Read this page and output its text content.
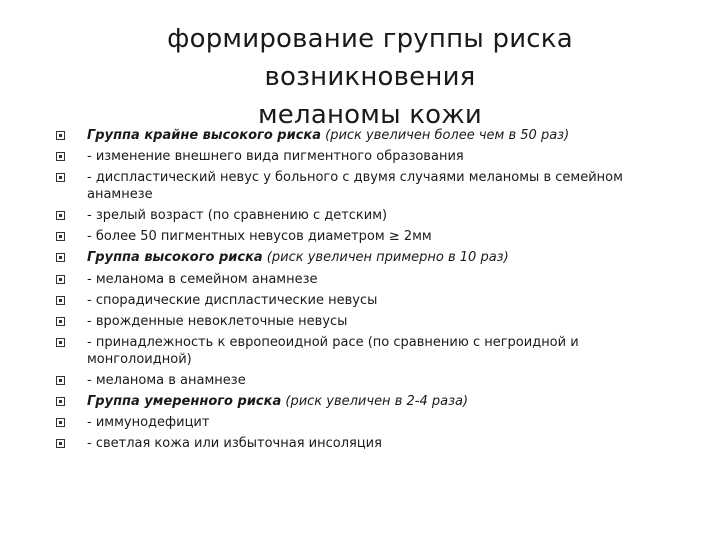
формирование группы риска возникновения
меланомы кожи
Группа крайне высокого риска (риск увеличен более чем в 50 раз)
- изменение внешнего вида пигментного образования
- диспластический невус у больного с двумя случаями меланомы в семейном анамнезе
- зрелый возраст (по сравнению с детским)
- более 50 пигментных невусов диаметром ≥ 2мм
Группа высокого риска (риск увеличен примерно в 10 раз)
- меланома в семейном анамнезе
- спорадические диспластические невусы
- врожденные невоклеточные невусы
- принадлежность к европеоидной расе (по сравнению с негроидной и монголоидной)
- меланома в анамнезе
Группа умеренного риска (риск увеличен в 2-4 раза)
- иммунодефицит
- светлая кожа или избыточная инсоляция
